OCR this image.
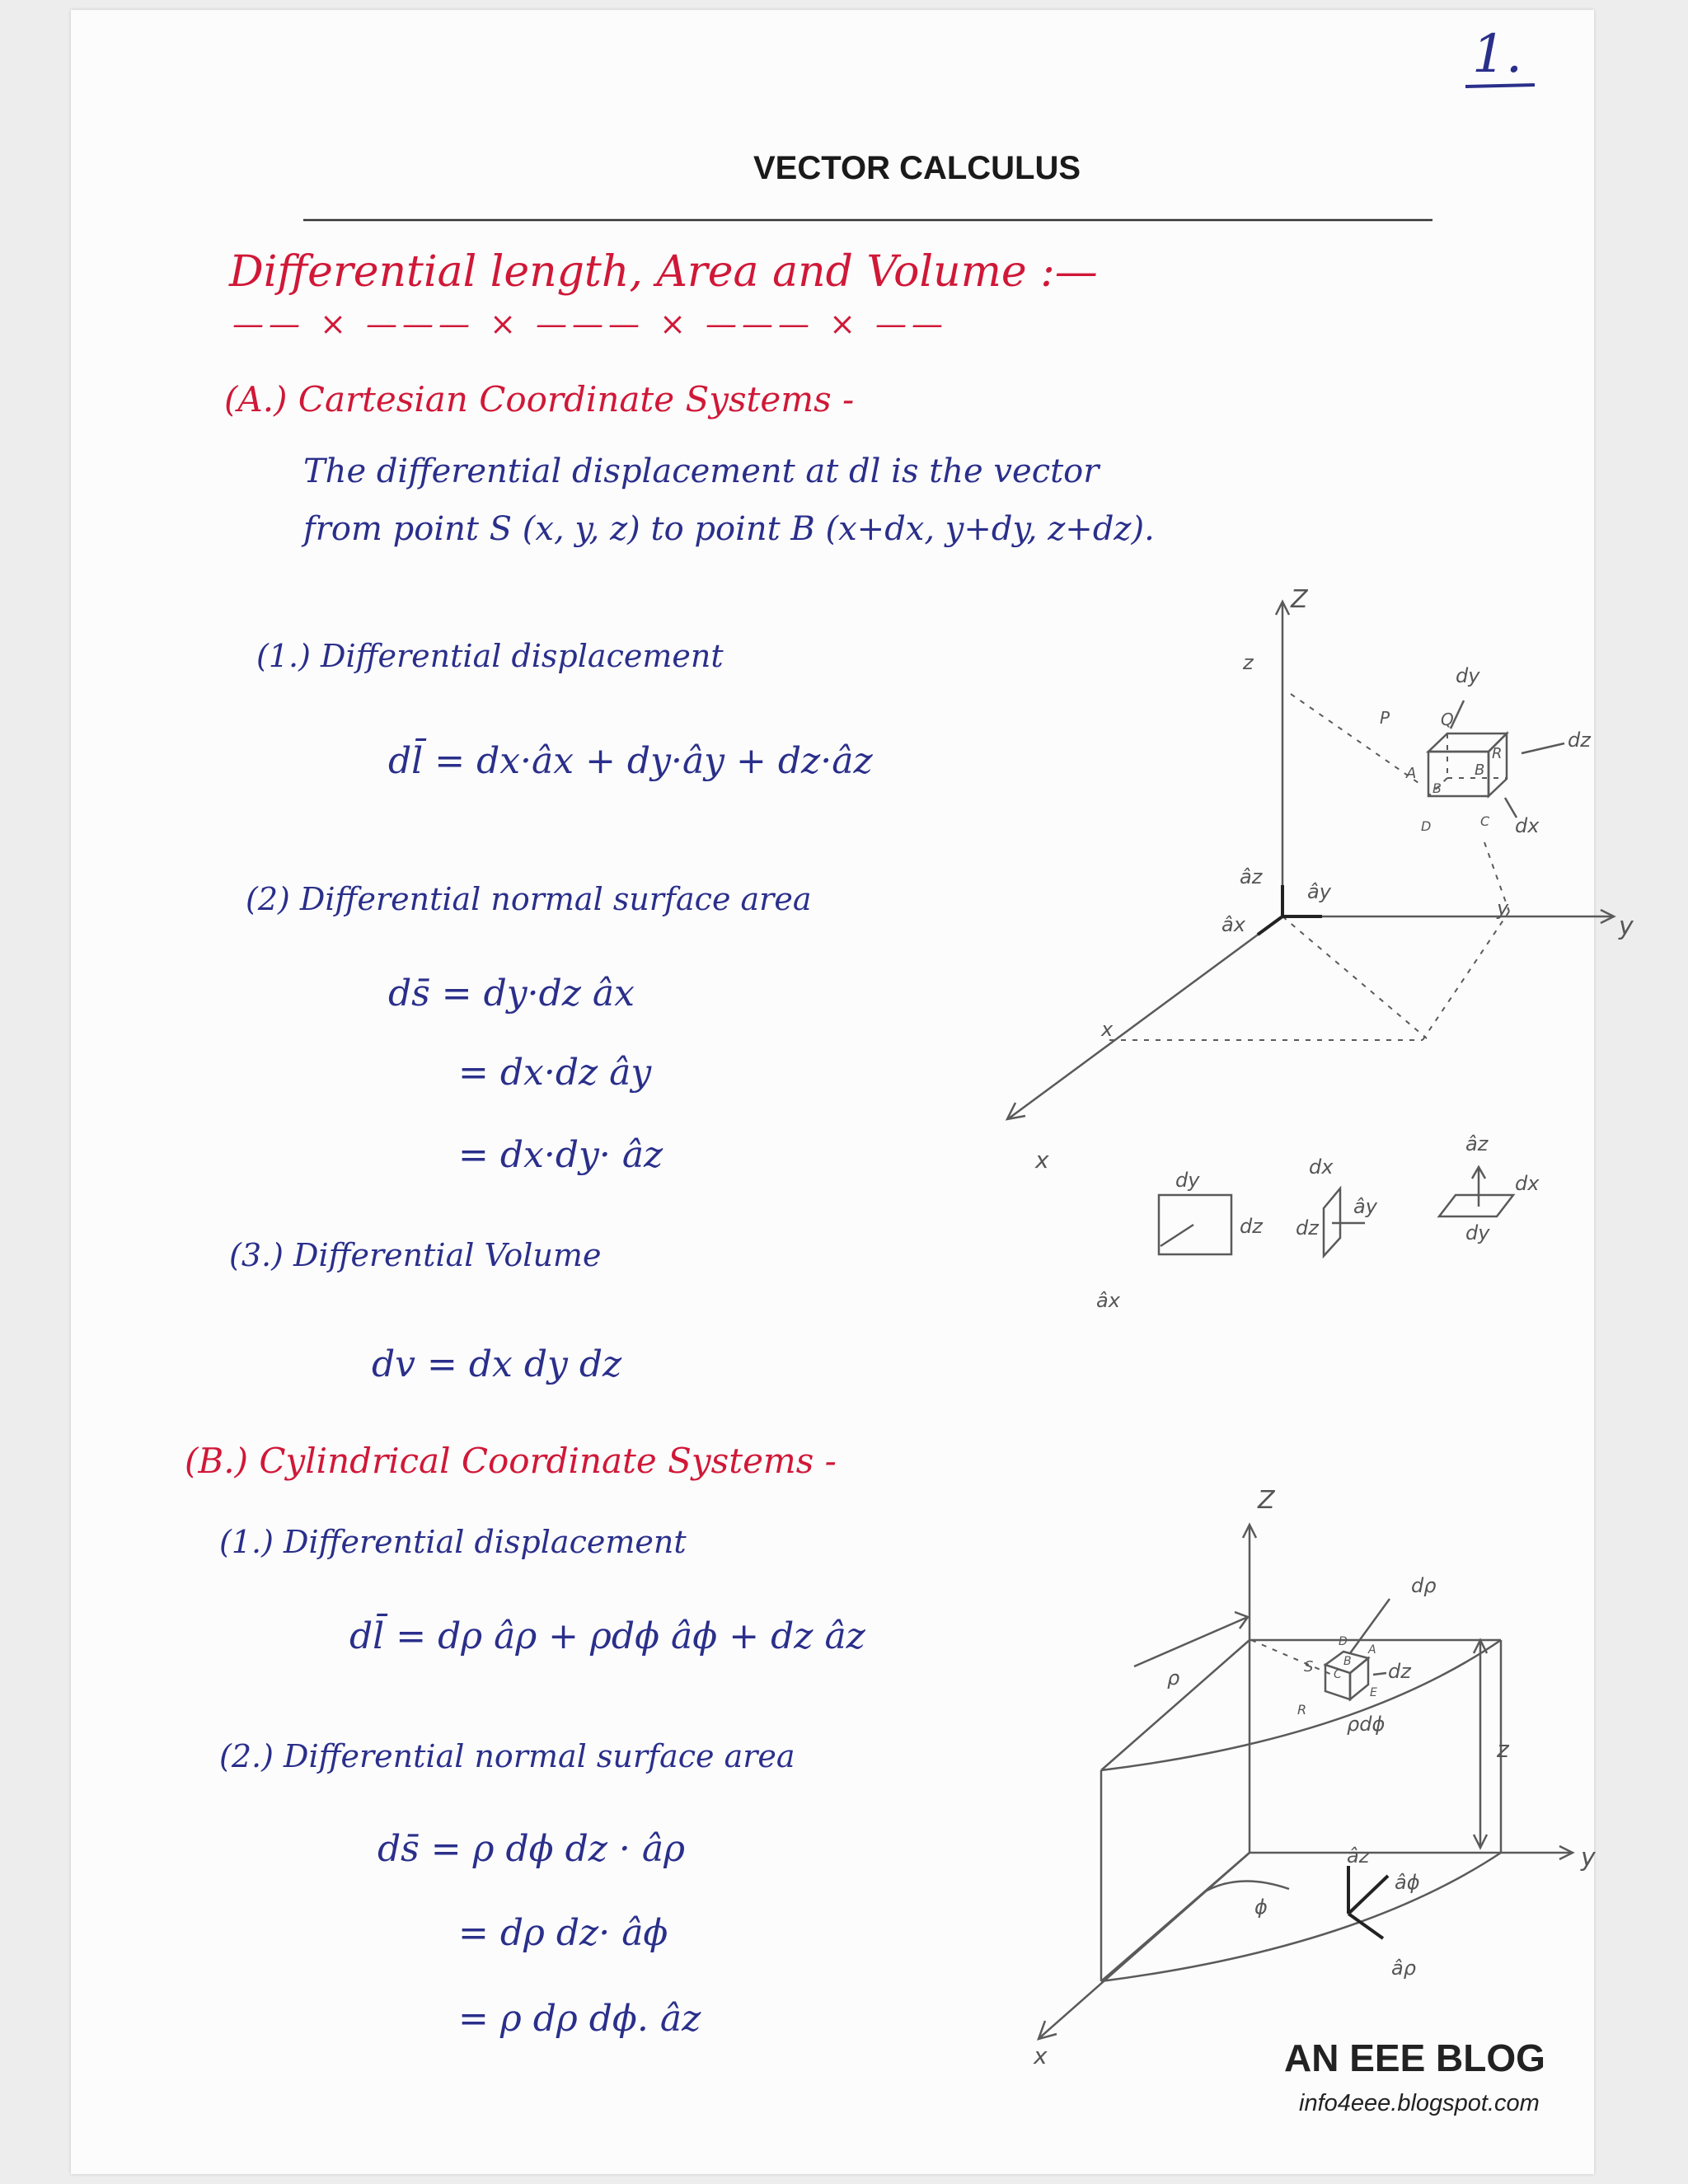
1.
VECTOR CALCULUS
Differential length, Area and Volume :—
—— × ——— × ——— × ——— × ——
(A.) Cartesian Coordinate Systems -
The differential displacement at dl is the vector
from point S (x, y, z) to point B (x+dx, y+dy, z+dz).
(1.) Differential displacement
dl̄ = dx·âx + dy·ây + dz·âz
(2) Differential normal surface area
ds̄ = dy·dz âx
= dx·dz ây
= dx·dy· âz
(3.) Differential Volume
dv = dx dy dz
(B.) Cylindrical Coordinate Systems -
(1.) Differential displacement
dl̄ = dρ âρ + ρdϕ âϕ + dz âz
(2.) Differential normal surface area
ds̄ = ρ dϕ dz · âρ
= dρ dz· âϕ
= ρ dρ dϕ. âz
Z
z
y
y
x
x
P	Q
A	B
B
R
C
D
dy
dz
dx
âz
ây
âx
dy
dz
âx
dx
dz
ây
âz
dx
dy
Z
y
x
z
dρ
ρ	S
D
A
B
C
E
R
dz
ρdϕ
ϕ
âz
âϕ
âρ
AN EEE BLOG
info4eee.blogspot.com
